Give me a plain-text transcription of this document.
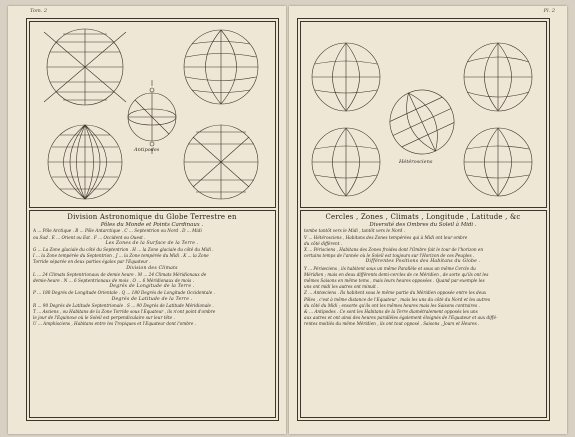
Tom. 2
Antipodes
Division Astronomique du Globe Terrestre en
Pôles du Monde et Points Cardinaux .
A ... Pôle Arctique . B ... Pôle Antarctique . C ... Septentrion ou Nord . D ... Midi
ou Sud . E ... Orient ou Est . F ... Occident ou Ouest .
Les Zones de la Surface de la Terre .
G ... La Zone glaciale du côté du Septentrion . H ... la Zone glaciale du côté du Midi .
I ... la Zone tempérée du Septentrion . J ... la Zone tempérée du Midi . K ... la Zone
Torride séparée en deux parties égales par l'Equateur .
Division des Climats
L ... 24 Climats Septentrionaux de demie heure . M ... 24 Climats Méridionaux de
demie-heure . N ... 6 Septentrionaux de mois . O ... 6 Méridionaux de mois .
Degrés de Longitude de la Terre .
P ... 180 Degrés de Longitude Orientale . Q ... 180 Degrés de Longitude Occidentale .
Degrés de Latitude de la Terre .
R ... 90 Degrés de Latitude Septentrionale . S ... 90 Degrés de Latitude Méridionale .
T ... Asciens , ou Habitans de la Zone Torride sous l'Equateur , ils n'ont point d'ombre
le jour de l'Equinoxe où le Soleil est perpendiculaire sur leur tête .
U ... Amphisciens , Habitans entre les Tropiques et l'Equateur dont l'ombre .
Pl. 2
Hétérosciens
Cercles , Zones , Climats , Longitude , Latitude , &c
Diversité des Ombres du Soleil à Midi .
tombe tantôt vers le Midi , tantôt vers le Nord .
V ... Hétérosciens , Habitans des Zones tempérées qui à Midi ont leur ombre
du côté différent .
X ... Périsciens , Habitans des Zones froides dont l'Ombre fait le tour de l'horizon en
certains temps de l'année où le Soleil est toujours sur l'Horizon de ces Peuples .
Différentes Positions des Habitans du Globe .
Y ... Périœciens , ils habitent sous un même Parallèle et sous un même Cercle du
Méridien ; mais en deux différents demi-cercles de ce Méridien , de sorte qu'ils ont les
mêmes Saisons en même tems , mais leurs heures opposées . Quand par exemple les
uns ont midi les autres ont minuit .
Z ... Antœciens . Ils habitent sous le même partie du Méridien opposée entre les deux
Pôles , c'est à même distance de l'Equateur , mais les uns du côté du Nord et les autres
du côté du Midi ; ensorte qu'ils ont les mêmes heures mais les Saisons contraires .
& ... Antipodes . Ce sont les Habitans de la Terre diamétralement opposés les uns
aux autres et ont ainsi des heures parallèles également éloignés de l'Equateur et aux diffé-
rentes moitiés du même Méridien , ils ont tout opposé , Saisons , Jours et Heures .
